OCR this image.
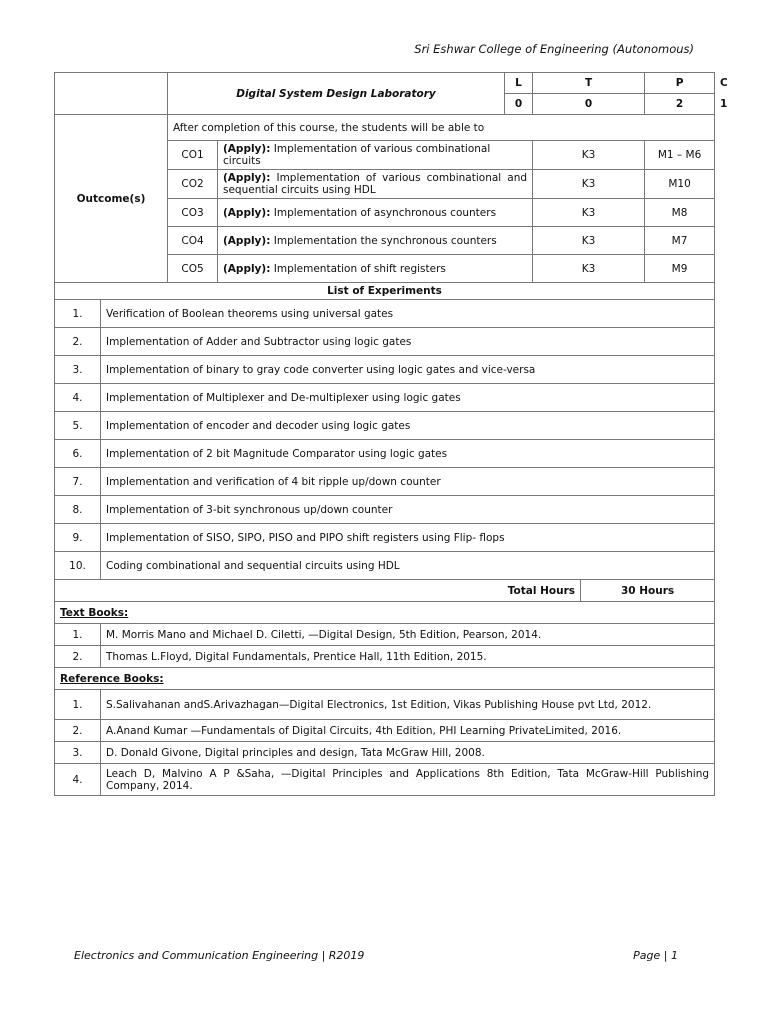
Sri Eshwar College of Engineering (Autonomous)
		Digital System Design Laboratory		L	T		P	C
				0	0		2	1
Outcome(s)		After completion of this course, the students will be able to						
		CO1	(Apply): Implementation of various combinational circuits		K3		M1 – M6	
		CO2	(Apply): Implementation of various combinational and sequential circuits using HDL		K3		M10	
		CO3	(Apply): Implementation of asynchronous counters		K3		M8	
		CO4	(Apply): Implementation the synchronous counters		K3		M7	
		CO5	(Apply): Implementation of shift registers		K3		M9	
List of Experiments								
1.	Verification of Boolean theorems using universal gates							
2.	Implementation of Adder and Subtractor using logic gates							
3.	Implementation of binary to gray code converter using logic gates and vice-versa							
4.	Implementation of Multiplexer and De-multiplexer using logic gates							
5.	Implementation of encoder and decoder using logic gates							
6.	Implementation of 2 bit Magnitude Comparator using logic gates							
7.	Implementation and verification of 4 bit ripple up/down counter							
8.	Implementation of 3-bit synchronous up/down counter							
9.	Implementation of SISO, SIPO, PISO and PIPO shift registers using Flip- flops							
10.	Coding combinational and sequential circuits using HDL							
Total Hours						30 Hours		
Text Books:								
1.	M. Morris Mano and Michael D. Ciletti, —Digital Design, 5th Edition, Pearson, 2014.							
2.	Thomas L.Floyd, Digital Fundamentals, Prentice Hall, 11th Edition, 2015.							
Reference Books:								
1.	S.Salivahanan andS.Arivazhagan—Digital Electronics, 1st Edition, Vikas Publishing House pvt Ltd, 2012.							
2.	A.Anand Kumar —Fundamentals of Digital Circuits, 4th Edition, PHI Learning PrivateLimited, 2016.							
3.	D. Donald Givone, Digital principles and design, Tata McGraw Hill, 2008.							
4.	Leach D, Malvino A P &Saha, —Digital Principles and Applications 8th Edition, Tata McGraw-Hill Publishing Company, 2014.							
Electronics and Communication Engineering | R2019	Page | 1
